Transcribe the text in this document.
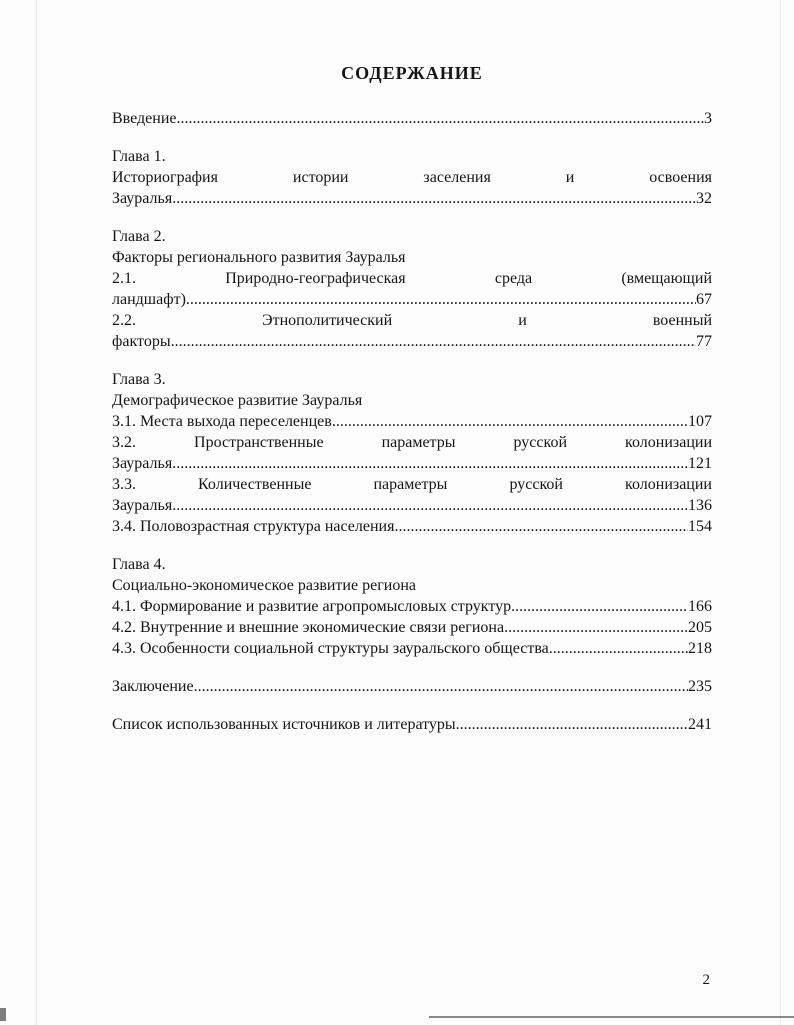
СОДЕРЖАНИЕ
Введение .....	3
Глава 1.
Историография истории заселения и освоения
Зауралья .....	32
Глава 2.
Факторы регионального развития Зауралья
2.1. Природно-географическая среда (вмещающий
ландшафт) .....	67
2.2. Этнополитический и военный
факторы .....	77
Глава 3.
Демографическое развитие Зауралья
3.1. Места выхода переселенцев .....	107
3.2. Пространственные параметры русской колонизации
Зауралья .....	121
3.3. Количественные параметры русской колонизации
Зауралья .....	136
3.4. Половозрастная структура населения .....	154
Глава 4.
Социально-экономическое развитие региона
4.1. Формирование и развитие агропромысловых структур .....	166
4.2. Внутренние и внешние экономические связи региона .....	205
4.3. Особенности социальной структуры зауральского общества .....	218
Заключение .....	235
Список использованных источников и литературы .....	241
2
